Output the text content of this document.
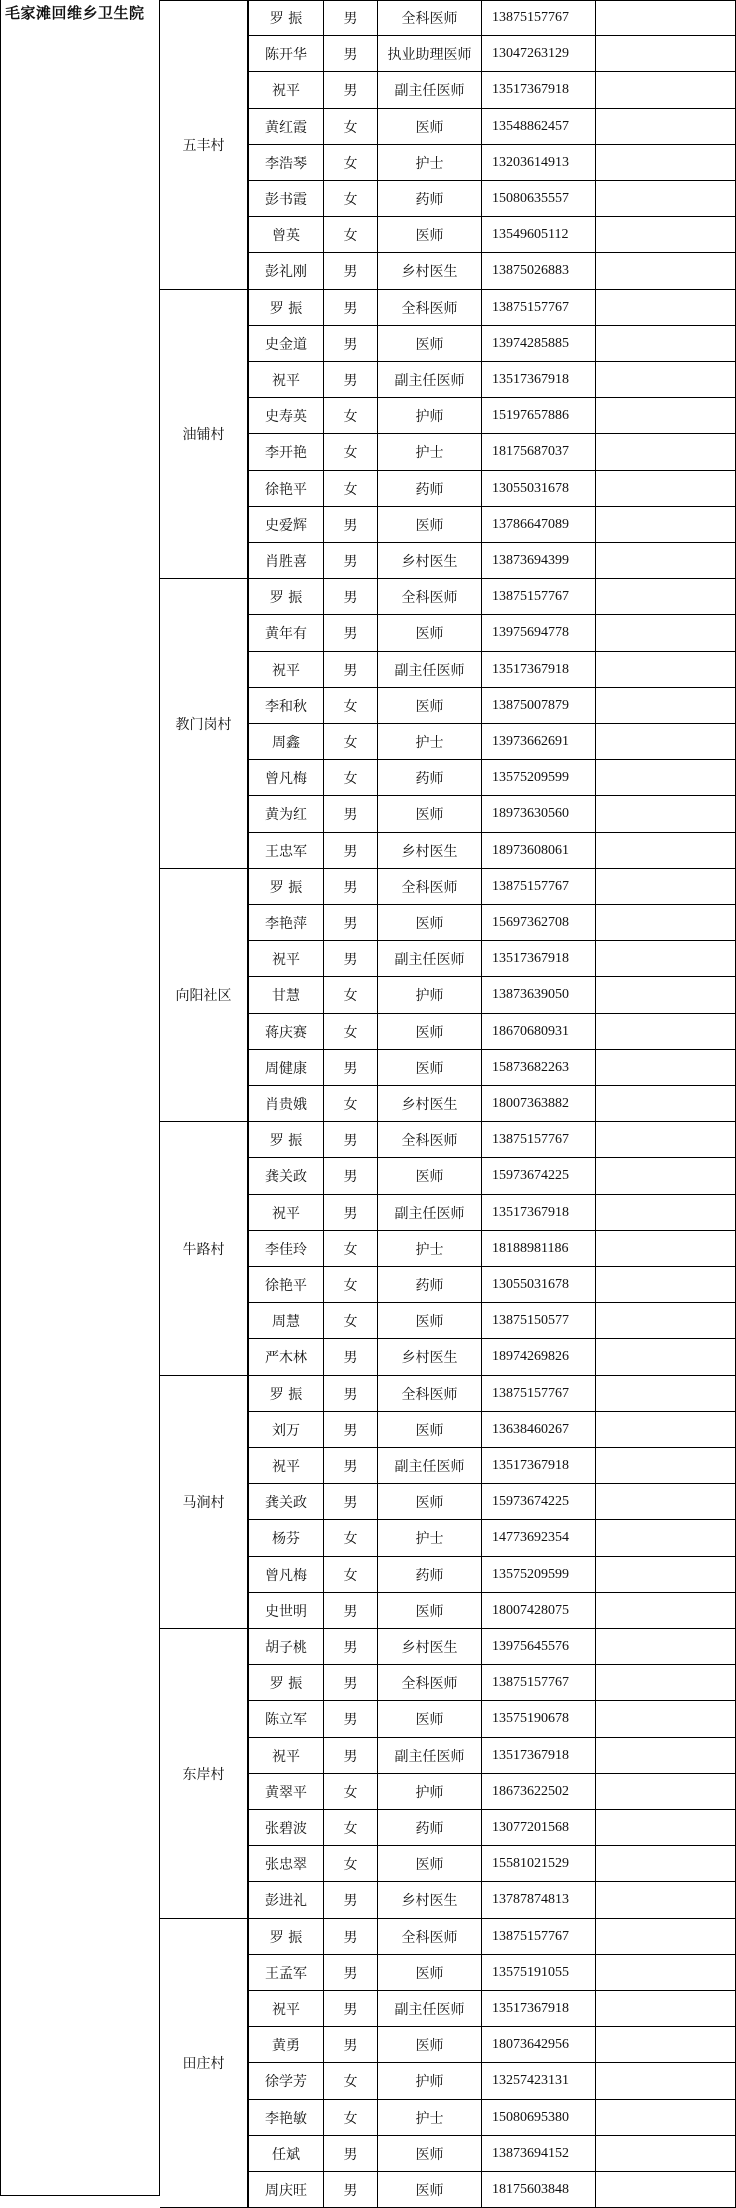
毛家滩回维乡卫生院
五丰村
罗 振	男	全科医师	13875157767
陈开华	男	执业助理医师	13047263129
祝平	男	副主任医师	13517367918
黄红霞	女	医师	13548862457
李浩琴	女	护士	13203614913
彭书霞	女	药师	15080635557
曾英	女	医师	13549605112
彭礼刚	男	乡村医生	13875026883
油铺村
罗 振	男	全科医师	13875157767
史金道	男	医师	13974285885
祝平	男	副主任医师	13517367918
史寿英	女	护师	15197657886
李开艳	女	护士	18175687037
徐艳平	女	药师	13055031678
史爱辉	男	医师	13786647089
肖胜喜	男	乡村医生	13873694399
教门岗村
罗 振	男	全科医师	13875157767
黄年有	男	医师	13975694778
祝平	男	副主任医师	13517367918
李和秋	女	医师	13875007879
周鑫	女	护士	13973662691
曾凡梅	女	药师	13575209599
黄为红	男	医师	18973630560
王忠军	男	乡村医生	18973608061
向阳社区
罗 振	男	全科医师	13875157767
李艳萍	男	医师	15697362708
祝平	男	副主任医师	13517367918
甘慧	女	护师	13873639050
蒋庆赛	女	医师	18670680931
周健康	男	医师	15873682263
肖贵娥	女	乡村医生	18007363882
牛路村
罗 振	男	全科医师	13875157767
龚关政	男	医师	15973674225
祝平	男	副主任医师	13517367918
李佳玲	女	护士	18188981186
徐艳平	女	药师	13055031678
周慧	女	医师	13875150577
严木林	男	乡村医生	18974269826
马涧村
罗 振	男	全科医师	13875157767
刘万	男	医师	13638460267
祝平	男	副主任医师	13517367918
龚关政	男	医师	15973674225
杨芬	女	护士	14773692354
曾凡梅	女	药师	13575209599
史世明	男	医师	18007428075
东岸村
胡子桃	男	乡村医生	13975645576
罗 振	男	全科医师	13875157767
陈立军	男	医师	13575190678
祝平	男	副主任医师	13517367918
黄翠平	女	护师	18673622502
张碧波	女	药师	13077201568
张忠翠	女	医师	15581021529
彭进礼	男	乡村医生	13787874813
田庄村
罗 振	男	全科医师	13875157767
王孟军	男	医师	13575191055
祝平	男	副主任医师	13517367918
黄勇	男	医师	18073642956
徐学芳	女	护师	13257423131
李艳敏	女	护士	15080695380
任斌	男	医师	13873694152
周庆旺	男	医师	18175603848
